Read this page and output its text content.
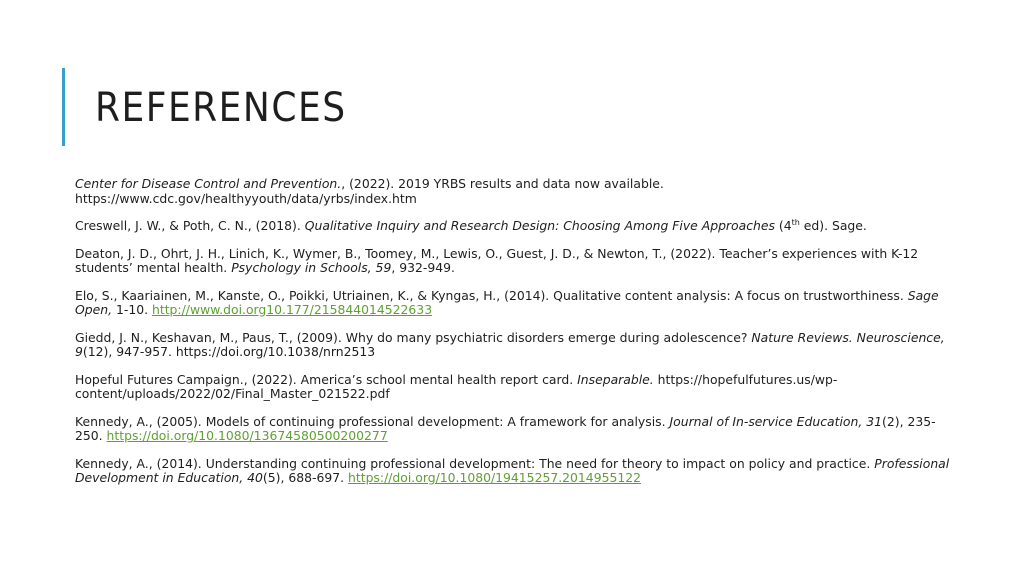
REFERENCES

Center for Disease Control and Prevention., (2022). 2019 YRBS results and data now available. https://www.cdc.gov/healthyyouth/data/yrbs/index.htm

Creswell, J. W., & Poth, C. N., (2018). Qualitative Inquiry and Research Design: Choosing Among Five Approaches (4th ed). Sage.

Deaton, J. D., Ohrt, J. H., Linich, K., Wymer, B., Toomey, M., Lewis, O., Guest, J. D., & Newton, T., (2022). Teacher’s experiences with K-12 students’ mental health. Psychology in Schools, 59, 932-949.

Elo, S., Kaariainen, M., Kanste, O., Poikki, Utriainen, K., & Kyngas, H., (2014). Qualitative content analysis: A focus on trustworthiness. Sage Open, 1-10. http://www.doi.org10.177/215844014522633

Giedd, J. N., Keshavan, M., Paus, T., (2009). Why do many psychiatric disorders emerge during adolescence? Nature Reviews. Neuroscience, 9(12), 947-957. https://doi.org/10.1038/nrn2513

Hopeful Futures Campaign., (2022). America’s school mental health report card. Inseparable. https://hopefulfutures.us/wp-content/uploads/2022/02/Final_Master_021522.pdf

Kennedy, A., (2005). Models of continuing professional development: A framework for analysis. Journal of In-service Education, 31(2), 235-250. https://doi.org/10.1080/13674580500200277

Kennedy, A., (2014). Understanding continuing professional development: The need for theory to impact on policy and practice. Professional Development in Education, 40(5), 688-697. https://doi.org/10.1080/19415257.2014955122
